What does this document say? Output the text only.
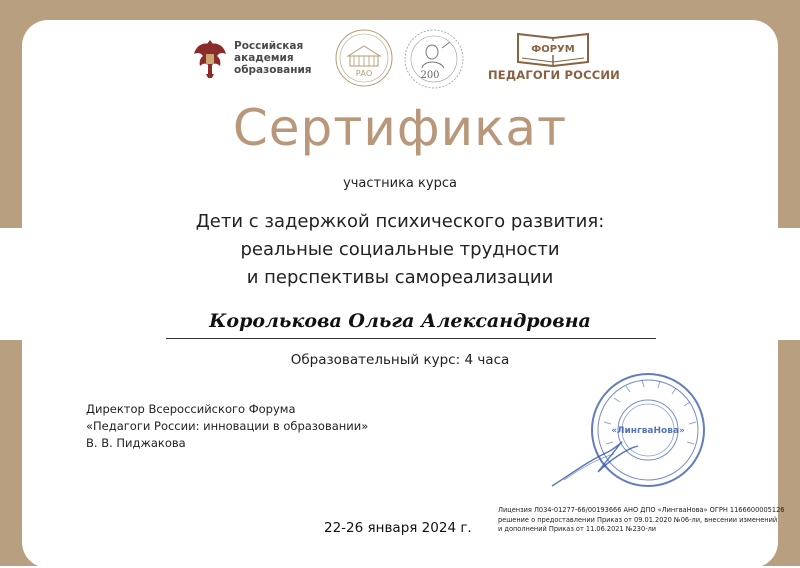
Российская
академия
образования	РАО	200
ФОРУМ
ПЕДАГОГИ РОССИИ
Сертификат
участника курса
Дети с задержкой психического развития:
реальные социальные трудности
и перспективы самореализации
Королькова Ольга Александровна
Образовательный курс: 4 часа
Директор Всероссийского Форума
«Педагоги России: инновации в образовании»
В. В. Пиджакова
«ЛингваНова»
Лицензия Л034-01277-66/00193666 АНО ДПО «ЛингваНова» ОГРН 1166600005126
решение о предоставлении Приказ от 09.01.2020 №06-ли, внесении изменений
и дополнений Приказ от 11.06.2021 №230-ли
22-26 января 2024 г.
